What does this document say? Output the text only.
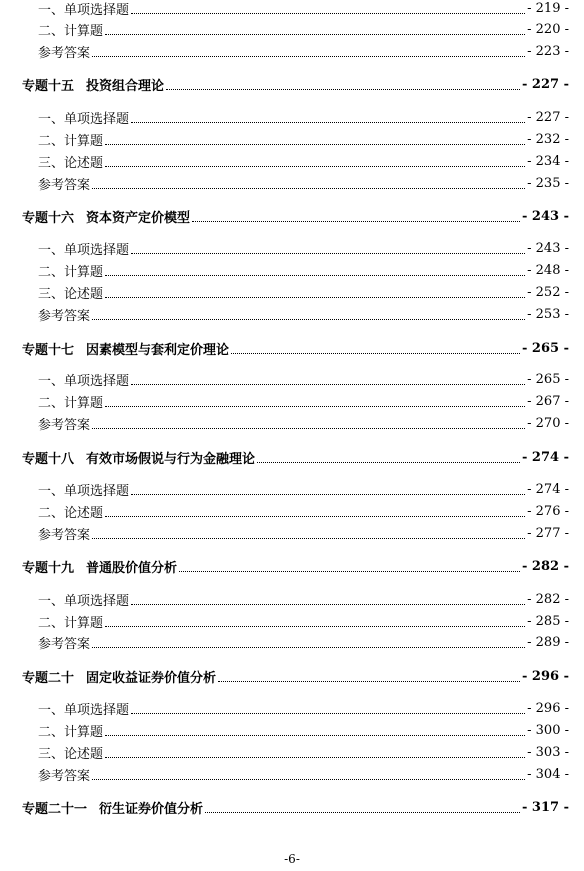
一、单项选择题	- 219 -
二、计算题	- 220 -
参考答案	- 223 -
专题十五 投资组合理论	- 227 -
一、单项选择题	- 227 -
二、计算题	- 232 -
三、论述题	- 234 -
参考答案	- 235 -
专题十六 资本资产定价模型	- 243 -
一、单项选择题	- 243 -
二、计算题	- 248 -
三、论述题	- 252 -
参考答案	- 253 -
专题十七 因素模型与套利定价理论	- 265 -
一、单项选择题	- 265 -
二、计算题	- 267 -
参考答案	- 270 -
专题十八 有效市场假说与行为金融理论	- 274 -
一、单项选择题	- 274 -
二、论述题	- 276 -
参考答案	- 277 -
专题十九 普通股价值分析	- 282 -
一、单项选择题	- 282 -
二、计算题	- 285 -
参考答案	- 289 -
专题二十 固定收益证券价值分析	- 296 -
一、单项选择题	- 296 -
二、计算题	- 300 -
三、论述题	- 303 -
参考答案	- 304 -
专题二十一 衍生证券价值分析	- 317 -
-6-
